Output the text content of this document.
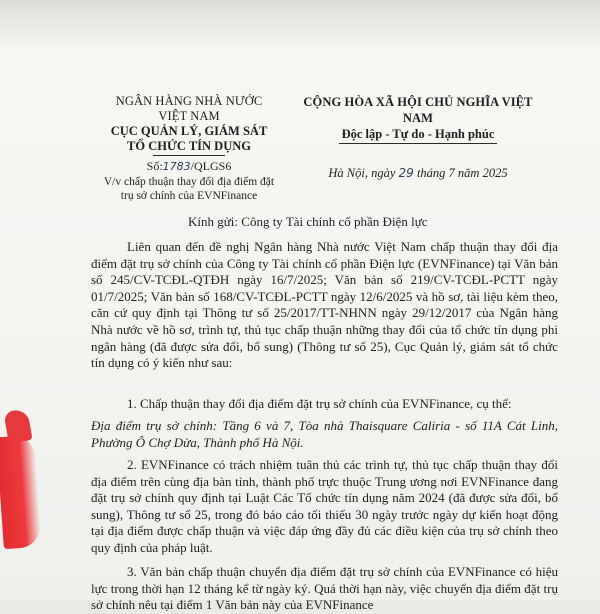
NGÂN HÀNG NHÀ NƯỚC
VIỆT NAM
CỤC QUẢN LÝ, GIÁM SÁT
TỔ CHỨC TÍN DỤNG
Số:1783/QLGS6
V/v chấp thuận thay đổi địa điểm đặt trụ sở chính của EVNFinance
CỘNG HÒA XÃ HỘI CHỦ NGHĨA VIỆT NAM
Độc lập - Tự do - Hạnh phúc
Hà Nội, ngày 29 tháng 7 năm 2025
Kính gửi: Công ty Tài chính cổ phần Điện lực
Liên quan đến đề nghị Ngân hàng Nhà nước Việt Nam chấp thuận thay đổi địa điểm đặt trụ sở chính của Công ty Tài chính cổ phần Điện lực (EVNFinance) tại Văn bản số 245/CV-TCĐL-QTĐH ngày 16/7/2025; Văn bản số 219/CV-TCĐL-PCTT ngày 01/7/2025; Văn bản số 168/CV-TCĐL-PCTT ngày 12/6/2025 và hồ sơ, tài liệu kèm theo, căn cứ quy định tại Thông tư số 25/2017/TT-NHNN ngày 29/12/2017 của Ngân hàng Nhà nước về hồ sơ, trình tự, thủ tục chấp thuận những thay đổi của tổ chức tín dụng phi ngân hàng (đã được sửa đổi, bổ sung) (Thông tư số 25), Cục Quản lý, giám sát tổ chức tín dụng có ý kiến như sau:
1. Chấp thuận thay đổi địa điểm đặt trụ sở chính của EVNFinance, cụ thể:
Địa điểm trụ sở chính: Tầng 6 và 7, Tòa nhà Thaisquare Caliria - số 11A Cát Linh, Phường Ô Chợ Dừa, Thành phố Hà Nội.
2. EVNFinance có trách nhiệm tuân thủ các trình tự, thủ tục chấp thuận thay đổi địa điểm trên cùng địa bàn tỉnh, thành phố trực thuộc Trung ương nơi EVNFinance đang đặt trụ sở chính quy định tại Luật Các Tổ chức tín dụng năm 2024 (đã được sửa đổi, bổ sung), Thông tư số 25, trong đó báo cáo tối thiểu 30 ngày trước ngày dự kiến hoạt động tại địa điểm được chấp thuận và việc đáp ứng đầy đủ các điều kiện của trụ sở chính theo quy định của pháp luật.
3. Văn bản chấp thuận chuyển địa điểm đặt trụ sở chính của EVNFinance có hiệu lực trong thời hạn 12 tháng kể từ ngày ký. Quá thời hạn này, việc chuyển địa điểm đặt trụ sở chính nêu tại điểm 1 Văn bản này của EVNFinance
